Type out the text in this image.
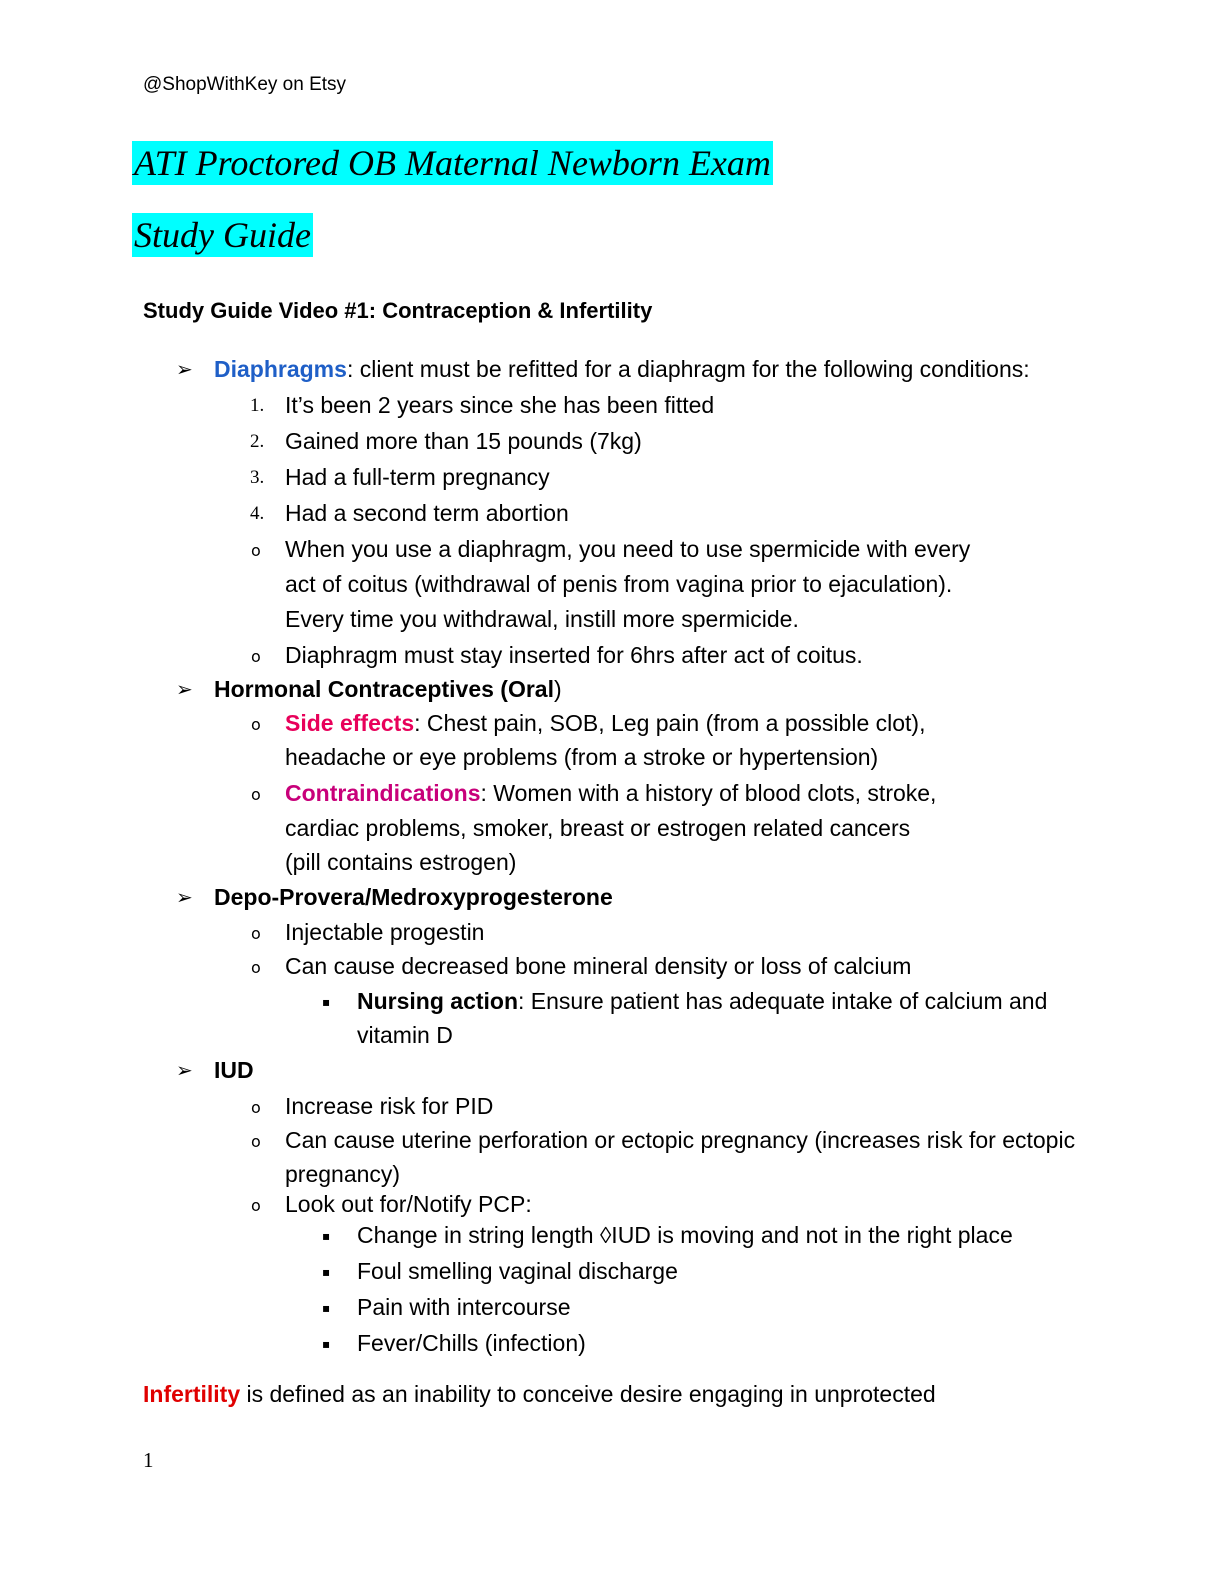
@ShopWithKey on Etsy
ATI Proctored OB Maternal Newborn Exam
Study Guide
Study Guide Video #1: Contraception & Infertility
➢ Diaphragms: client must be refitted for a diaphragm for the following conditions:
1. It’s been 2 years since she has been fitted
2. Gained more than 15 pounds (7kg)
3. Had a full-term pregnancy
4. Had a second term abortion
o When you use a diaphragm, you need to use spermicide with every
act of coitus (withdrawal of penis from vagina prior to ejaculation).
Every time you withdrawal, instill more spermicide.
o Diaphragm must stay inserted for 6hrs after act of coitus.
➢ Hormonal Contraceptives (Oral)
o Side effects: Chest pain, SOB, Leg pain (from a possible clot),
headache or eye problems (from a stroke or hypertension)
o Contraindications: Women with a history of blood clots, stroke,
cardiac problems, smoker, breast or estrogen related cancers
(pill contains estrogen)
➢ Depo-Provera/Medroxyprogesterone
o Injectable progestin
o Can cause decreased bone mineral density or loss of calcium
▪ Nursing action: Ensure patient has adequate intake of calcium and
vitamin D
➢ IUD
o Increase risk for PID
o Can cause uterine perforation or ectopic pregnancy (increases risk for ectopic
pregnancy)
o Look out for/Notify PCP:
▪ Change in string length ◊IUD is moving and not in the right place
▪ Foul smelling vaginal discharge
▪ Pain with intercourse
▪ Fever/Chills (infection)
Infertility is defined as an inability to conceive desire engaging in unprotected
1
